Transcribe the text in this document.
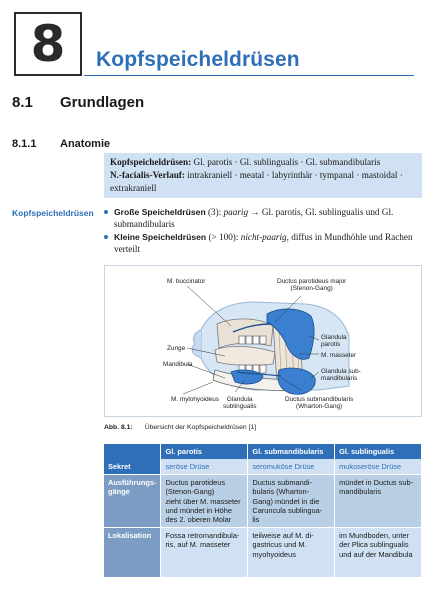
8 Kopfspeicheldrüsen
8.1 Grundlagen
8.1.1 Anatomie
Kopfspeicheldrüsen: Gl. parotis · Gl. sublingualis · Gl. submandibularis
N.-facialis-Verlauf: intrakraniell · meatal · labyrinthär · tympanal · mastoidal · extrakraniell
Kopfspeicheldrüsen	Große Speicheldrüsen (3): paarig → Gl. parotis, Gl. sublingualis und Gl. submandibularis
Kleine Speicheldrüsen (> 100): nicht-paarig, diffus in Mundhöhle und Rachen verteilt
M. buccinator	Ductus parotideus major
(Stenon-Gang)
Glandula
parotis
M. masseter
Zunge
Mandibula
Glandula sub-
mandibularis
M. mylohyoideus	Glandula
sublingualis
Ductus submandibularis
(Wharton-Gang)
Abb. 8.1: Übersicht der Kopfspeicheldrüsen [1]
	Gl. parotis	Gl. submandibularis	Gl. sublingualis
Sekret	seröse Drüse	seromuköse Drüse	mukoseröse Drüse
Ausführungs-
gänge	Ductus parotideus
(Stenon-Gang)
zieht über M. masseter
und mündet in Höhe
des 2. oberen Molar	Ductus submandi-
bularis (Wharton-
Gang) mündet in die
Caruncula sublingua-
lis	mündet in Ductus sub-
mandibularis
Lokalisation	Fossa retromandibula-
ris, auf M. masseter	teilweise auf M. di-
gastricus und M.
myohyoideus	im Mundboden, unter
der Plica sublingualis
und auf der Mandibula
